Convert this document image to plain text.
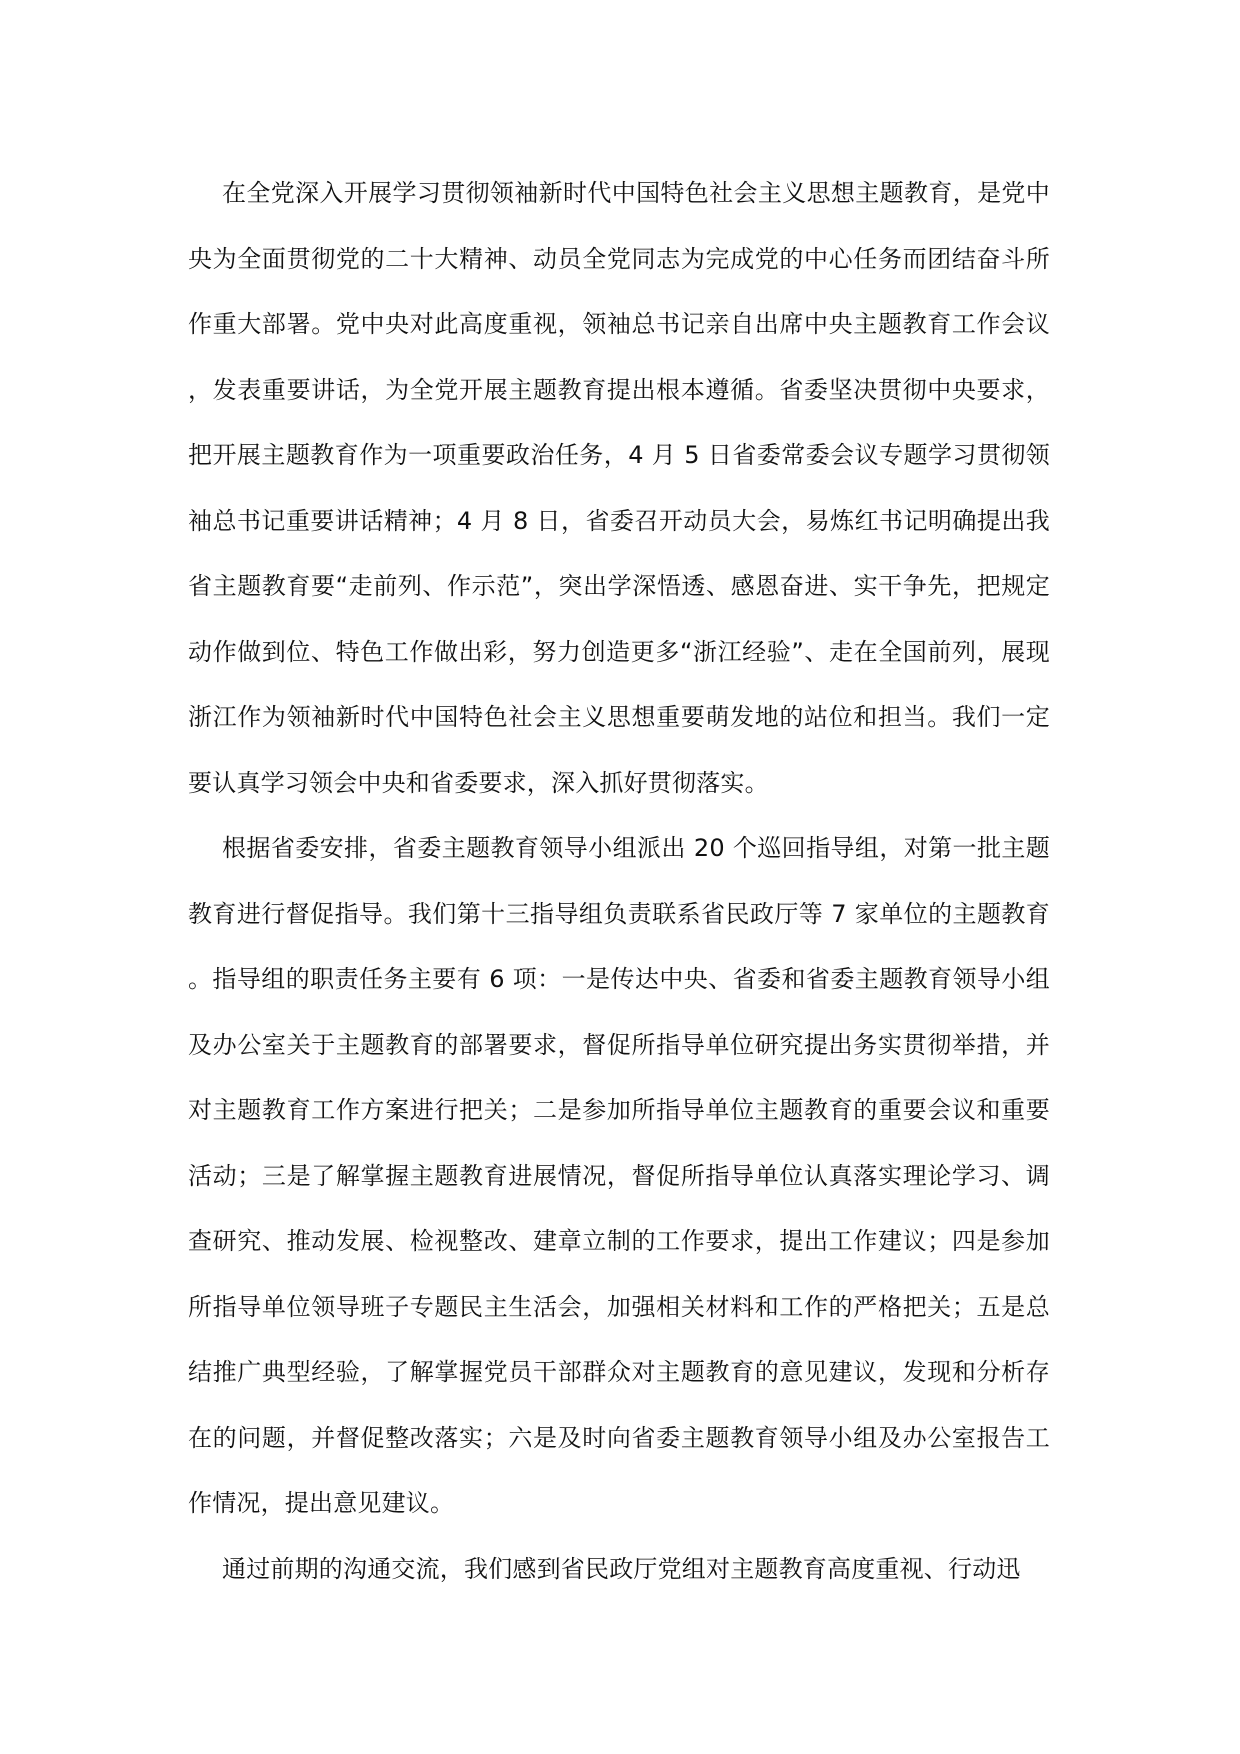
在全党深入开展学习贯彻领袖新时代中国特色社会主义思想主题教育，是党中央为全面贯彻党的二十大精神、动员全党同志为完成党的中心任务而团结奋斗所作重大部署。党中央对此高度重视，领袖总书记亲自出席中央主题教育工作会议，发表重要讲话，为全党开展主题教育提出根本遵循。省委坚决贯彻中央要求，把开展主题教育作为一项重要政治任务，4 月 5 日省委常委会议专题学习贯彻领袖总书记重要讲话精神；4 月 8 日，省委召开动员大会，易炼红书记明确提出我省主题教育要“走前列、作示范”，突出学深悟透、感恩奋进、实干争先，把规定动作做到位、特色工作做出彩，努力创造更多“浙江经验”、走在全国前列，展现浙江作为领袖新时代中国特色社会主义思想重要萌发地的站位和担当。我们一定要认真学习领会中央和省委要求，深入抓好贯彻落实。

根据省委安排，省委主题教育领导小组派出 20 个巡回指导组，对第一批主题教育进行督促指导。我们第十三指导组负责联系省民政厅等 7 家单位的主题教育。指导组的职责任务主要有 6 项：一是传达中央、省委和省委主题教育领导小组及办公室关于主题教育的部署要求，督促所指导单位研究提出务实贯彻举措，并对主题教育工作方案进行把关；二是参加所指导单位主题教育的重要会议和重要活动；三是了解掌握主题教育进展情况，督促所指导单位认真落实理论学习、调查研究、推动发展、检视整改、建章立制的工作要求，提出工作建议；四是参加所指导单位领导班子专题民主生活会，加强相关材料和工作的严格把关；五是总结推广典型经验，了解掌握党员干部群众对主题教育的意见建议，发现和分析存在的问题，并督促整改落实；六是及时向省委主题教育领导小组及办公室报告工作情况，提出意见建议。

通过前期的沟通交流，我们感到省民政厅党组对主题教育高度重视、行动迅
